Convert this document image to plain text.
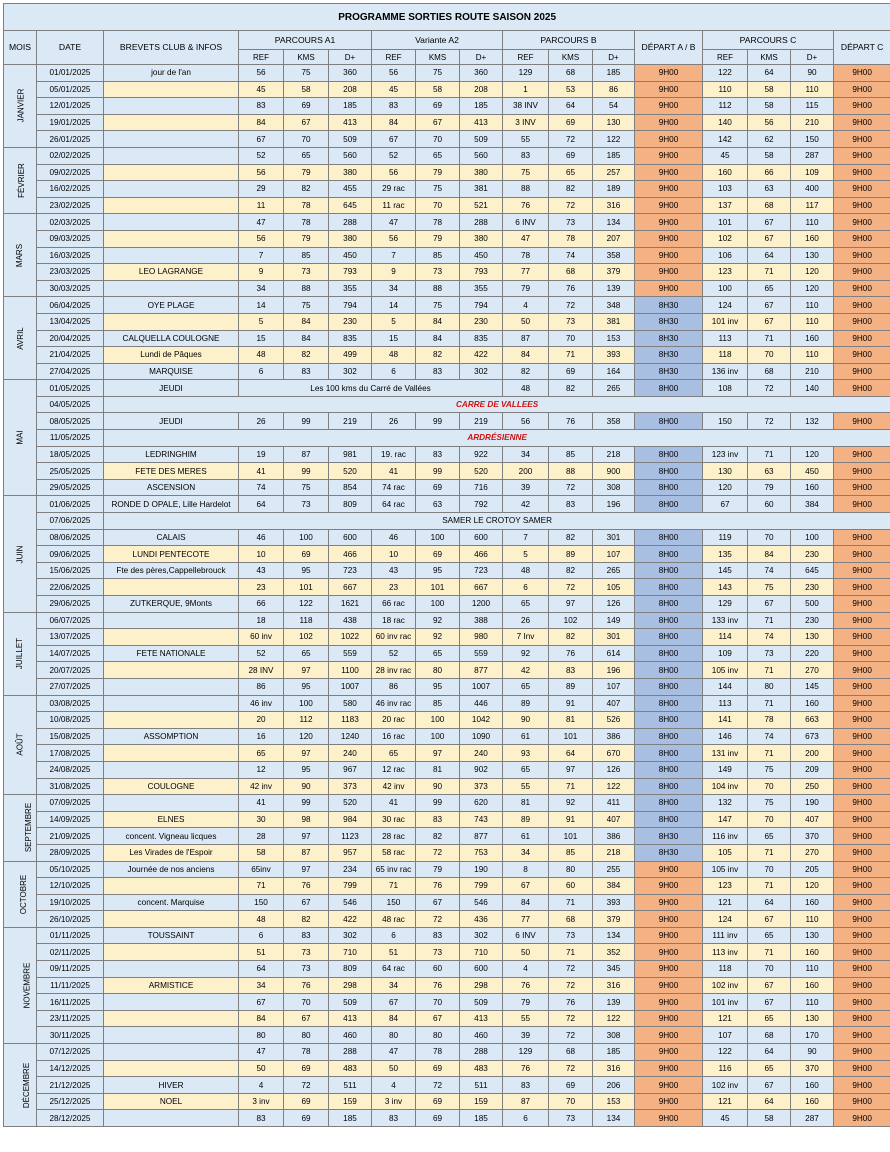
PROGRAMME SORTIES ROUTE SAISON 2025																
MOIS	DATE	BREVETS CLUB & INFOS	PARCOURS A1			Variante A2			PARCOURS B			DÉPART A / B	PARCOURS C			DÉPART C
			REF	KMS	D+	REF	KMS	D+	REF	KMS	D+		REF	KMS	D+	
JANVIER	01/01/2025	jour de l'an	56	75	360	56	75	360	129	68	185	9H00	122	64	90	9H00
	05/01/2025		45	58	208	45	58	208	1	53	86	9H00	110	58	110	9H00
	12/01/2025		83	69	185	83	69	185	38 INV	64	54	9H00	112	58	115	9H00
	19/01/2025		84	67	413	84	67	413	3 INV	69	130	9H00	140	56	210	9H00
	26/01/2025		67	70	509	67	70	509	55	72	122	9H00	142	62	150	9H00
FÉVRIER	02/02/2025		52	65	560	52	65	560	83	69	185	9H00	45	58	287	9H00
	09/02/2025		56	79	380	56	79	380	75	65	257	9H00	160	66	109	9H00
	16/02/2025		29	82	455	29 rac	75	381	88	82	189	9H00	103	63	400	9H00
	23/02/2025		11	78	645	11 rac	70	521	76	72	316	9H00	137	68	117	9H00
MARS	02/03/2025		47	78	288	47	78	288	6 INV	73	134	9H00	101	67	110	9H00
	09/03/2025		56	79	380	56	79	380	47	78	207	9H00	102	67	160	9H00
	16/03/2025		7	85	450	7	85	450	78	74	358	9H00	106	64	130	9H00
	23/03/2025	LEO LAGRANGE	9	73	793	9	73	793	77	68	379	9H00	123	71	120	9H00
	30/03/2025		34	88	355	34	88	355	79	76	139	9H00	100	65	120	9H00
AVRIL	06/04/2025	OYE PLAGE	14	75	794	14	75	794	4	72	348	8H30	124	67	110	9H00
	13/04/2025		5	84	230	5	84	230	50	73	381	8H30	101 inv	67	110	9H00
	20/04/2025	CALQUELLA COULOGNE	15	84	835	15	84	835	87	70	153	8H30	113	71	160	9H00
	21/04/2025	Lundi de Pâques	48	82	499	48	82	422	84	71	393	8H30	118	70	110	9H00
	27/04/2025	MARQUISE	6	83	302	6	83	302	82	69	164	8H30	136 inv	68	210	9H00
MAI	01/05/2025	JEUDI	Les 100 kms du Carré de Vallées						48	82	265	8H00	108	72	140	9H00
	04/05/2025	CARRE DE VALLEES														
	08/05/2025	JEUDI	26	99	219	26	99	219	56	76	358	8H00	150	72	132	9H00
	11/05/2025	ARDRÉSIENNE														
	18/05/2025	LEDRINGHIM	19	87	981	19. rac	83	922	34	85	218	8H00	123 inv	71	120	9H00
	25/05/2025	FETE DES MERES	41	99	520	41	99	520	200	88	900	8H00	130	63	450	9H00
	29/05/2025	ASCENSION	74	75	854	74 rac	69	716	39	72	308	8H00	120	79	160	9H00
JUIN	01/06/2025	RONDE D OPALE, Lille Hardelot	64	73	809	64 rac	63	792	42	83	196	8H00	67	60	384	9H00
	07/06/2025	SAMER LE CROTOY SAMER														
	08/06/2025	CALAIS	46	100	600	46	100	600	7	82	301	8H00	119	70	100	9H00
	09/06/2025	LUNDI PENTECOTE	10	69	466	10	69	466	5	89	107	8H00	135	84	230	9H00
	15/06/2025	Fte des pères,Cappellebrouck	43	95	723	43	95	723	48	82	265	8H00	145	74	645	9H00
	22/06/2025		23	101	667	23	101	667	6	72	105	8H00	143	75	230	9H00
	29/06/2025	ZUTKERQUE, 9Monts	66	122	1621	66 rac	100	1200	65	97	126	8H00	129	67	500	9H00
JUILLET	06/07/2025		18	118	438	18 rac	92	388	26	102	149	8H00	133 inv	71	230	9H00
	13/07/2025		60 inv	102	1022	60 inv rac	92	980	7 Inv	82	301	8H00	114	74	130	9H00
	14/07/2025	FETE NATIONALE	52	65	559	52	65	559	92	76	614	8H00	109	73	220	9H00
	20/07/2025		28 INV	97	1100	28 inv rac	80	877	42	83	196	8H00	105 inv	71	270	9H00
	27/07/2025		86	95	1007	86	95	1007	65	89	107	8H00	144	80	145	9H00
AOÛT	03/08/2025		46 inv	100	580	46 inv rac	85	446	89	91	407	8H00	113	71	160	9H00
	10/08/2025		20	112	1183	20 rac	100	1042	90	81	526	8H00	141	78	663	9H00
	15/08/2025	ASSOMPTION	16	120	1240	16 rac	100	1090	61	101	386	8H00	146	74	673	9H00
	17/08/2025		65	97	240	65	97	240	93	64	670	8H00	131 inv	71	200	9H00
	24/08/2025		12	95	967	12 rac	81	902	65	97	126	8H00	149	75	209	9H00
	31/08/2025	COULOGNE	42 inv	90	373	42 inv	90	373	55	71	122	8H00	104 inv	70	250	9H00
SEPTEMBRE	07/09/2025		41	99	520	41	99	620	81	92	411	8H00	132	75	190	9H00
	14/09/2025	ELNES	30	98	984	30 rac	83	743	89	91	407	8H00	147	70	407	9H00
	21/09/2025	concent. Vigneau licques	28	97	1123	28 rac	82	877	61	101	386	8H30	116 inv	65	370	9H00
	28/09/2025	Les Virades de l'Espoir	58	87	957	58 rac	72	753	34	85	218	8H30	105	71	270	9H00
OCTOBRE	05/10/2025	Journée de nos anciens	65inv	97	234	65 inv rac	79	190	8	80	255	9H00	105 inv	70	205	9H00
	12/10/2025		71	76	799	71	76	799	67	60	384	9H00	123	71	120	9H00
	19/10/2025	concent. Marquise	150	67	546	150	67	546	84	71	393	9H00	121	64	160	9H00
	26/10/2025		48	82	422	48 rac	72	436	77	68	379	9H00	124	67	110	9H00
NOVEMBRE	01/11/2025	TOUSSAINT	6	83	302	6	83	302	6 INV	73	134	9H00	111 inv	65	130	9H00
	02/11/2025		51	73	710	51	73	710	50	71	352	9H00	113 inv	71	160	9H00
	09/11/2025		64	73	809	64 rac	60	600	4	72	345	9H00	118	70	110	9H00
	11/11/2025	ARMISTICE	34	76	298	34	76	298	76	72	316	9H00	102 inv	67	160	9H00
	16/11/2025		67	70	509	67	70	509	79	76	139	9H00	101 inv	67	110	9H00
	23/11/2025		84	67	413	84	67	413	55	72	122	9H00	121	65	130	9H00
	30/11/2025		80	80	460	80	80	460	39	72	308	9H00	107	68	170	9H00
DÉCEMBRE	07/12/2025		47	78	288	47	78	288	129	68	185	9H00	122	64	90	9H00
	14/12/2025		50	69	483	50	69	483	76	72	316	9H00	116	65	370	9H00
	21/12/2025	HIVER	4	72	511	4	72	511	83	69	206	9H00	102 inv	67	160	9H00
	25/12/2025	NOEL	3 inv	69	159	3 inv	69	159	87	70	153	9H00	121	64	160	9H00
	28/12/2025		83	69	185	83	69	185	6	73	134	9H00	45	58	287	9H00
